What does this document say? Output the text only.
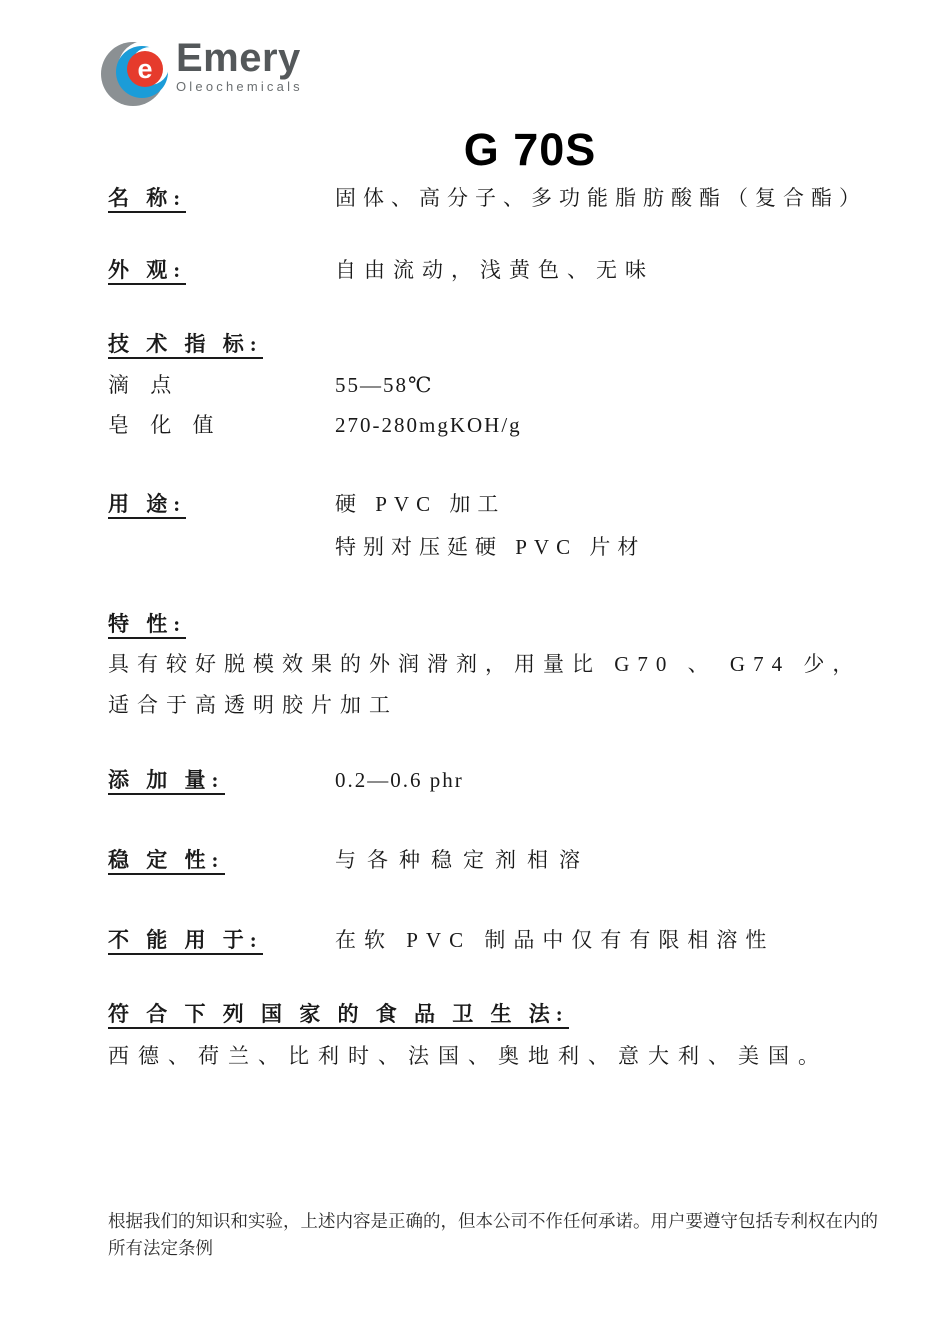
e Emery
Oleochemicals
G 70S
名 称:	固体、高分子、多功能脂肪酸酯（复合酯）
外 观:	自由流动，浅黄色、无味
技 术 指 标:
滴 点	55—58℃
皂 化 值	270-280mgKOH/g
用 途:	硬 PVC 加工
特别对压延硬 PVC 片材
特 性:
具有较好脱模效果的外润滑剂，用量比 G70 、 G74 少，
适合于高透明胶片加工
添 加 量:	0.2—0.6 phr
稳 定 性:	与各种稳定剂相溶
不 能 用 于:	在软 PVC 制品中仅有有限相溶性
符 合 下 列 国 家 的 食 品 卫 生 法:
西德、荷兰、比利时、法国、奥地利、意大利、美国。
根据我们的知识和实验，上述内容是正确的，但本公司不作任何承诺。用户要遵守包括专利权在内的所有法定条例
